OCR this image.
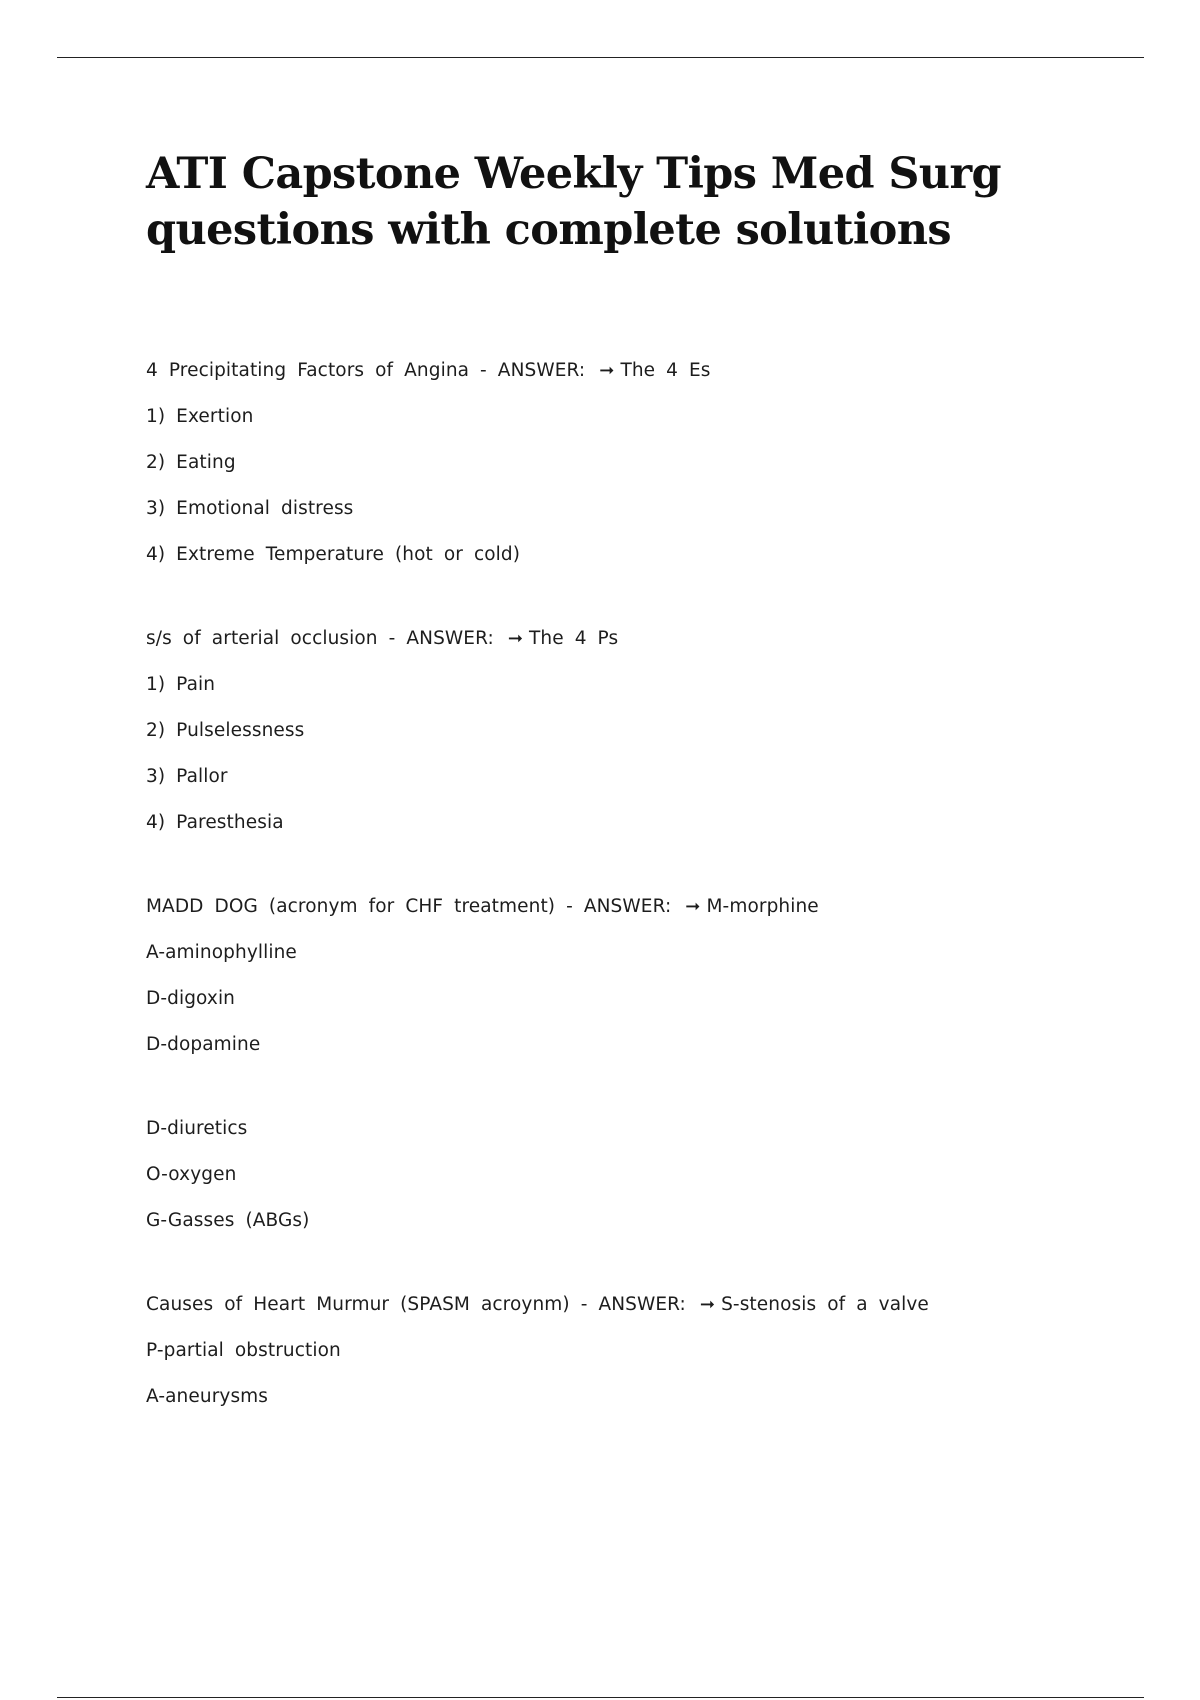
ATI Capstone Weekly Tips Med Surg
questions with complete solutions
4 Precipitating Factors of Angina - ANSWER: ➞ The 4 Es
1) Exertion
2) Eating
3) Emotional distress
4) Extreme Temperature (hot or cold)
s/s of arterial occlusion - ANSWER: ➞ The 4 Ps
1) Pain
2) Pulselessness
3) Pallor
4) Paresthesia
MADD DOG (acronym for CHF treatment) - ANSWER: ➞ M-morphine
A-aminophylline
D-digoxin
D-dopamine
D-diuretics
O-oxygen
G-Gasses (ABGs)
Causes of Heart Murmur (SPASM acroynm) - ANSWER: ➞ S-stenosis of a valve
P-partial obstruction
A-aneurysms
